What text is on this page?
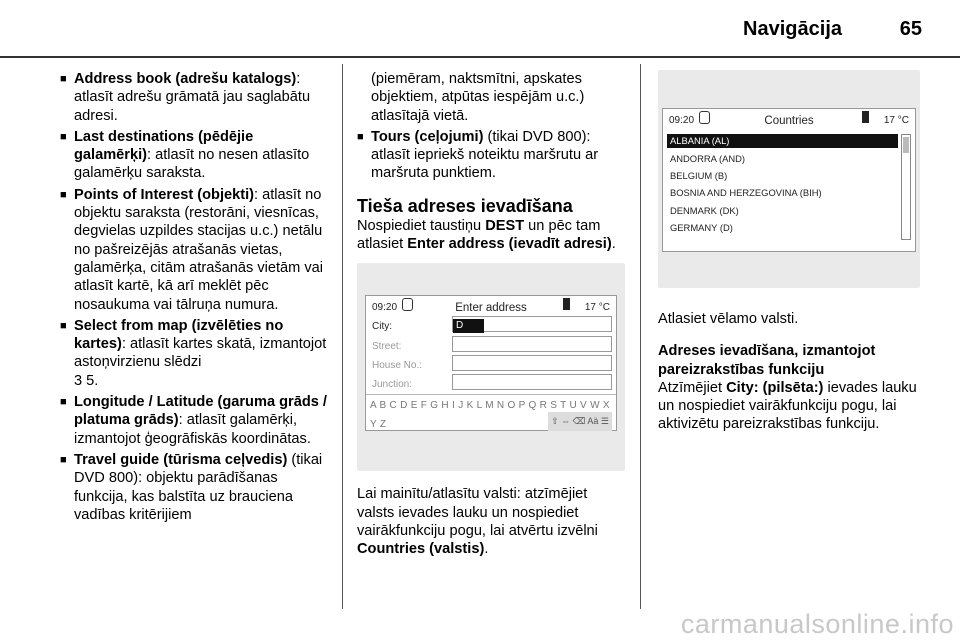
Navigācija	65
■ Address book (adrešu katalogs): atlasīt adrešu grāmatā jau saglabātu adresi.
■ Last destinations (pēdējie galamērķi): atlasīt no nesen atlasīto galamērķu saraksta.
■ Points of Interest (objekti): atlasīt no objektu saraksta (restorāni, viesnīcas, degvielas uzpildes stacijas u.c.) netālu no pašreizējās atrašanās vietas, galamērķa, citām atrašanās vietām vai atlasīt kartē, kā arī meklēt pēc nosaukuma vai tālruņa numura.
■ Select from map (izvēlēties no kartes): atlasīt kartes skatā, izmantojot astoņvirzienu slēdzi
3 5.
■ Longitude / Latitude (garuma grāds / platuma grāds): atlasīt galamērķi, izmantojot ģeogrāfiskās koordinātas.
■ Travel guide (tūrisma ceļvedis) (tikai DVD 800): objektu parādīšanas funkcija, kas balstīta uz brauciena vadības kritērijiem
(piemēram, naktsmītni, apskates objektiem, atpūtas iespējām u.c.) atlasītajā vietā.
■ Tours (ceļojumi) (tikai DVD 800): atlasīt iepriekš noteiktu maršrutu ar maršruta punktiem.
Tieša adreses ievadīšana

Nospiediet taustiņu DEST un pēc tam atlasiet Enter address (ievadīt adresi).

09:20	Enter address	17 °C
City:	D
Street:
House No.:
Junction:
A B C D E F G H I J K L M N O P Q R S T U V W X Y Z	⇧ ⇔ ⌫ Aä ☰

Lai mainītu/atlasītu valsti: atzīmējiet valsts ievades lauku un nospiediet vairākfunkciju pogu, lai atvērtu izvēlni Countries (valstis).

09:20	Countries	17 °C
ALBANIA (AL)
ANDORRA (AND)
BELGIUM (B)
BOSNIA AND HERZEGOVINA (BIH)
DENMARK (DK)
GERMANY (D)

Atlasiet vēlamo valsti.

Adreses ievadīšana, izmantojot pareizrakstības funkciju

Atzīmējiet City: (pilsēta:) ievades lauku un nospiediet vairākfunkciju pogu, lai aktivizētu pareizrakstības funkciju.

carmanualsonline.info
